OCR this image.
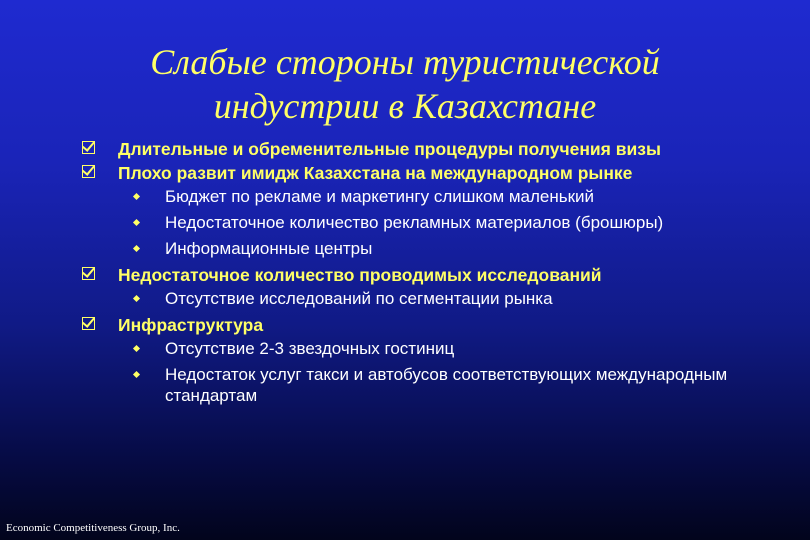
Слабые стороны туристической
индустрии в Казахстане
Длительные и обременительные процедуры получения визы
Плохо развит имидж Казахстана на международном рынке
Бюджет по рекламе и маркетингу слишком маленький
Недостаточное количество рекламных материалов (брошюры)
Информационные центры
Недостаточное количество проводимых исследований
Отсутствие исследований по сегментации рынка
Инфраструктура
Отсутствие 2-3 звездочных гостиниц
Недостаток услуг такси и автобусов соответствующих международным стандартам
Economic Competitiveness Group, Inc.
